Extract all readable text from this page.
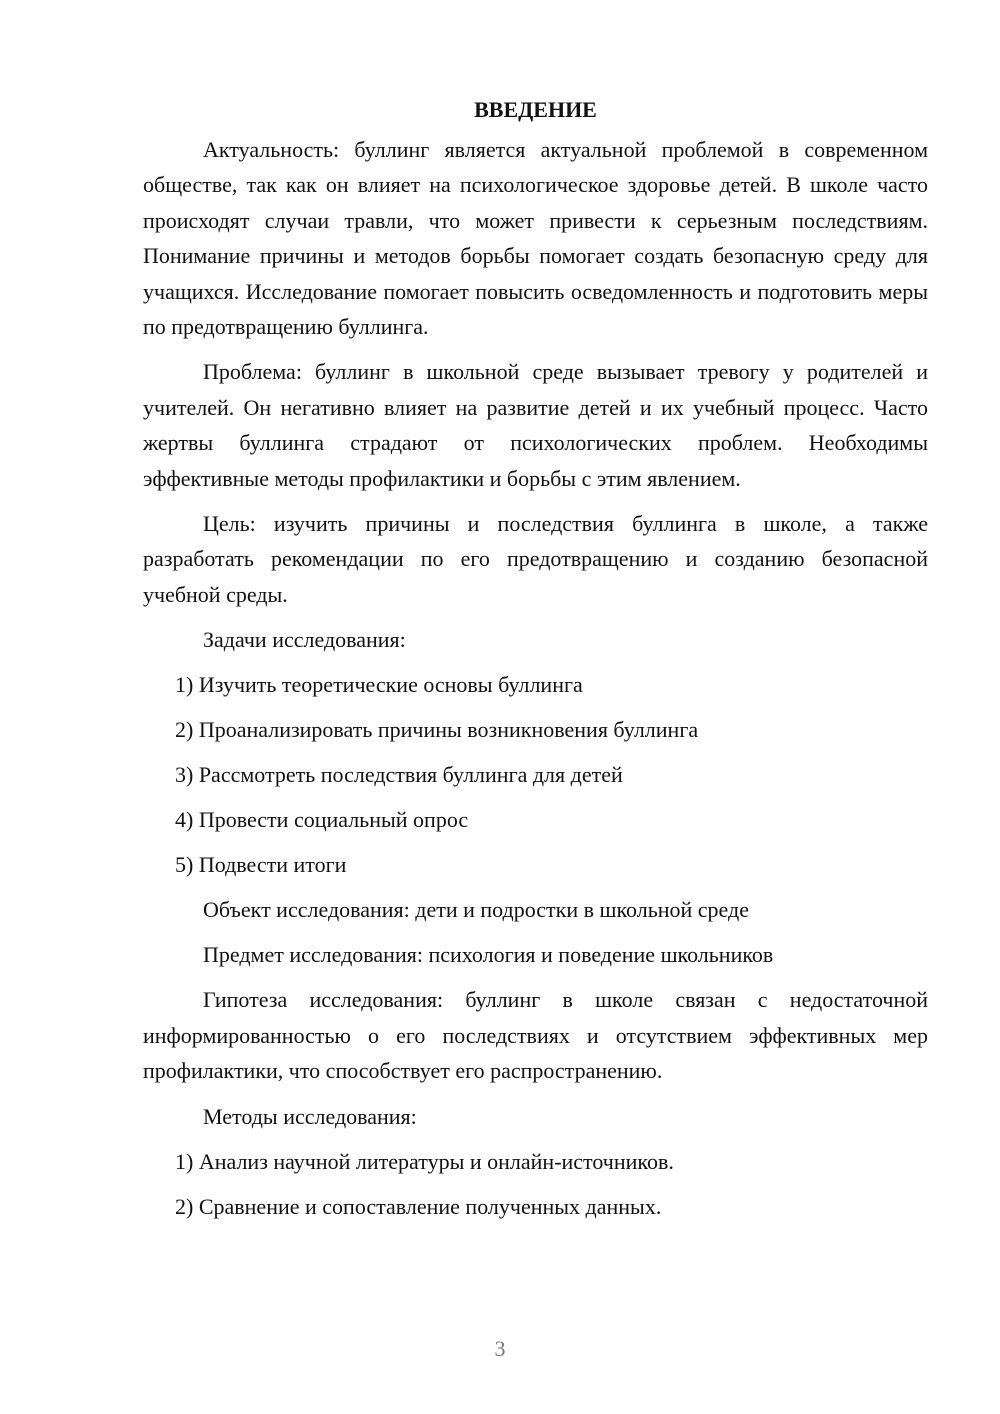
ВВЕДЕНИЕ

Актуальность: буллинг является актуальной проблемой в современном обществе, так как он влияет на психологическое здоровье детей. В школе часто происходят случаи травли, что может привести к серьезным последствиям. Понимание причины и методов борьбы помогает создать безопасную среду для учащихся. Исследование помогает повысить осведомленность и подготовить меры по предотвращению буллинга.

Проблема: буллинг в школьной среде вызывает тревогу у родителей и учителей. Он негативно влияет на развитие детей и их учебный процесс. Часто жертвы буллинга страдают от психологических проблем. Необходимы эффективные методы профилактики и борьбы с этим явлением.

Цель: изучить причины и последствия буллинга в школе, а также разработать рекомендации по его предотвращению и созданию безопасной учебной среды.

Задачи исследования:

1) Изучить теоретические основы буллинга
2) Проанализировать причины возникновения буллинга
3) Рассмотреть последствия буллинга для детей
4) Провести социальный опрос
5) Подвести итоги

Объект исследования: дети и подростки в школьной среде

Предмет исследования: психология и поведение школьников

Гипотеза исследования: буллинг в школе связан с недостаточной информированностью о его последствиях и отсутствием эффективных мер профилактики, что способствует его распространению.

Методы исследования:

1) Анализ научной литературы и онлайн-источников.
2) Сравнение и сопоставление полученных данных.
3
